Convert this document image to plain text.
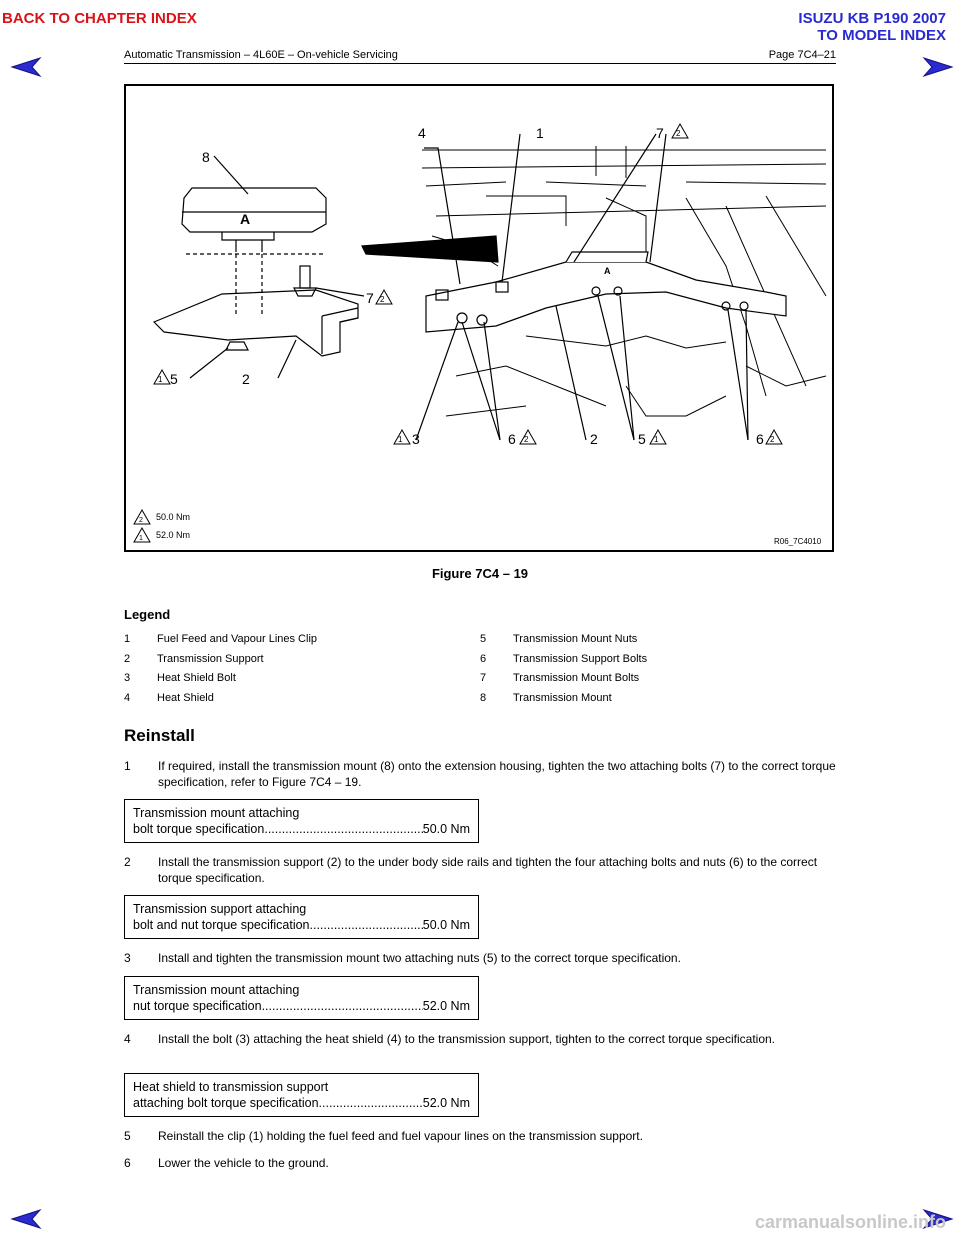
BACK TO CHAPTER INDEX	ISUZU KB P190 2007
TO MODEL INDEX
Automatic Transmission – 4L60E – On-vehicle Servicing	Page 7C4–21
8
7 2
5
1	2
4	1	7 2
3
1	6 2	2	5 1	6 2
A
A
2 50.0 Nm
1 52.0 Nm
R06_7C4010
Figure 7C4 – 19
Legend
1 Fuel Feed and Vapour Lines Clip
2 Transmission Support
3 Heat Shield Bolt
4 Heat Shield
5 Transmission Mount Nuts
6 Transmission Support Bolts
7 Transmission Mount Bolts
8 Transmission Mount
Reinstall
1 If required, install the transmission mount (8) onto the extension housing, tighten the two attaching bolts (7) to the correct torque specification, refer to Figure 7C4 – 19.
Transmission mount attaching
bolt torque specification .....	50.0 Nm
2 Install the transmission support (2) to the under body side rails and tighten the four attaching bolts and nuts (6) to the correct torque specification.
Transmission support attaching
bolt and nut torque specification .....	50.0 Nm
3 Install and tighten the transmission mount two attaching nuts (5) to the correct torque specification.
Transmission mount attaching
nut torque specification .....	52.0 Nm
4 Install the bolt (3) attaching the heat shield (4) to the transmission support, tighten to the correct torque specification.
Heat shield to transmission support
attaching bolt torque specification .....	52.0 Nm
5 Reinstall the clip (1) holding the fuel feed and fuel vapour lines on the transmission support.
6 Lower the vehicle to the ground.
carmanualsonline.info
